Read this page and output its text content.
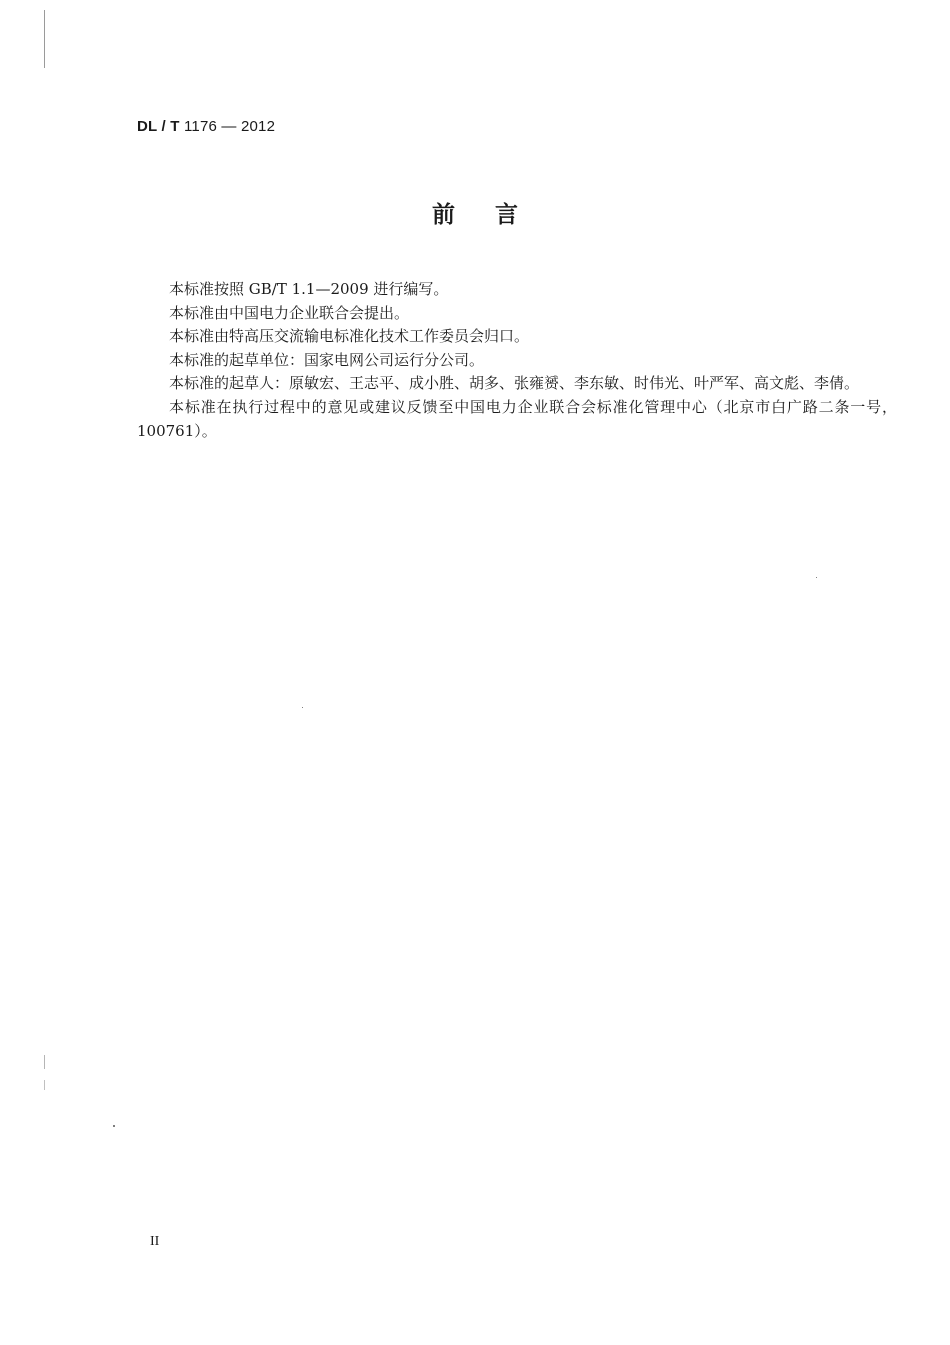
DL / T 1176 — 2012
前言

本标准按照 GB/T 1.1—2009 进行编写。

本标准由中国电力企业联合会提出。

本标准由特高压交流输电标准化技术工作委员会归口。

本标准的起草单位：国家电网公司运行分公司。

本标准的起草人：原敏宏、王志平、成小胜、胡多、张雍赟、李东敏、时伟光、叶严军、高文彪、李倩。

本标准在执行过程中的意见或建议反馈至中国电力企业联合会标准化管理中心（北京市白广路二条一号，100761）。

II
